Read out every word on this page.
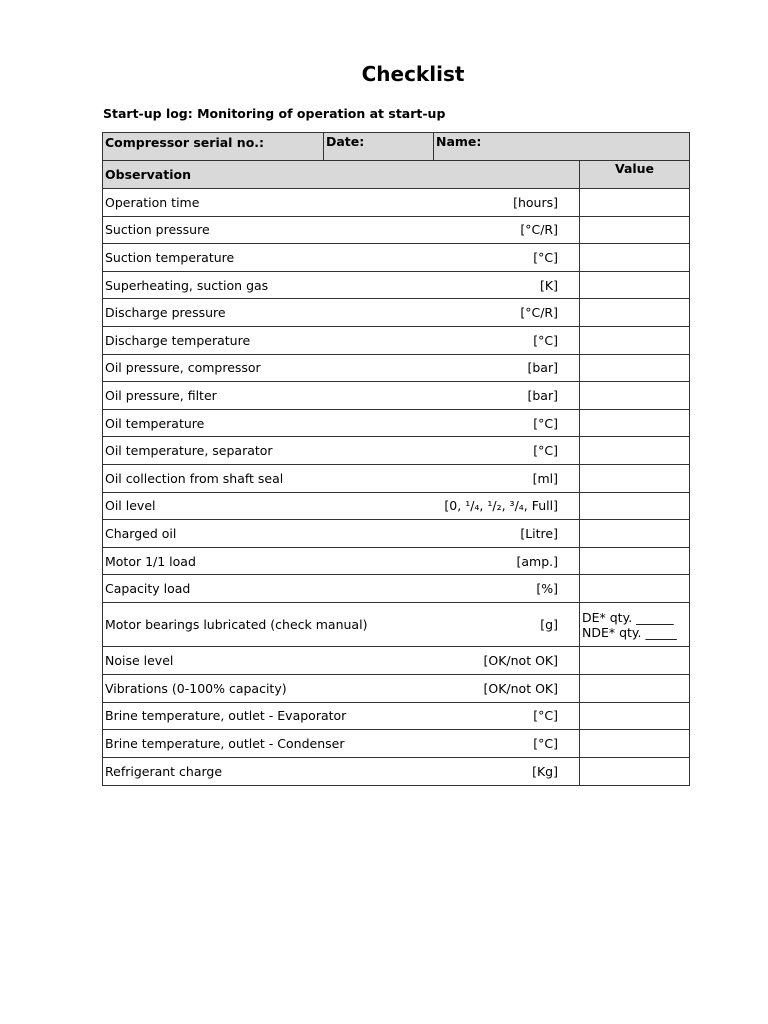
Checklist
Start-up log: Monitoring of operation at start-up
Compressor serial no.:	Date:	Name:
Observation	Value
Operation time	[hours]
Suction pressure	[°C/R]
Suction temperature	[°C]
Superheating, suction gas	[K]
Discharge pressure	[°C/R]
Discharge temperature	[°C]
Oil pressure, compressor	[bar]
Oil pressure, filter	[bar]
Oil temperature	[°C]
Oil temperature, separator	[°C]
Oil collection from shaft seal	[ml]
Oil level	[0, ¹/₄, ¹/₂, ³/₄, Full]
Charged oil	[Litre]
Motor 1/1 load	[amp.]
Capacity load	[%]
Motor bearings lubricated (check manual)	[g] DE* qty. ______
NDE* qty. _____
Noise level	[OK/not OK]
Vibrations (0-100% capacity)	[OK/not OK]
Brine temperature, outlet - Evaporator	[°C]
Brine temperature, outlet - Condenser	[°C]
Refrigerant charge	[Kg]
